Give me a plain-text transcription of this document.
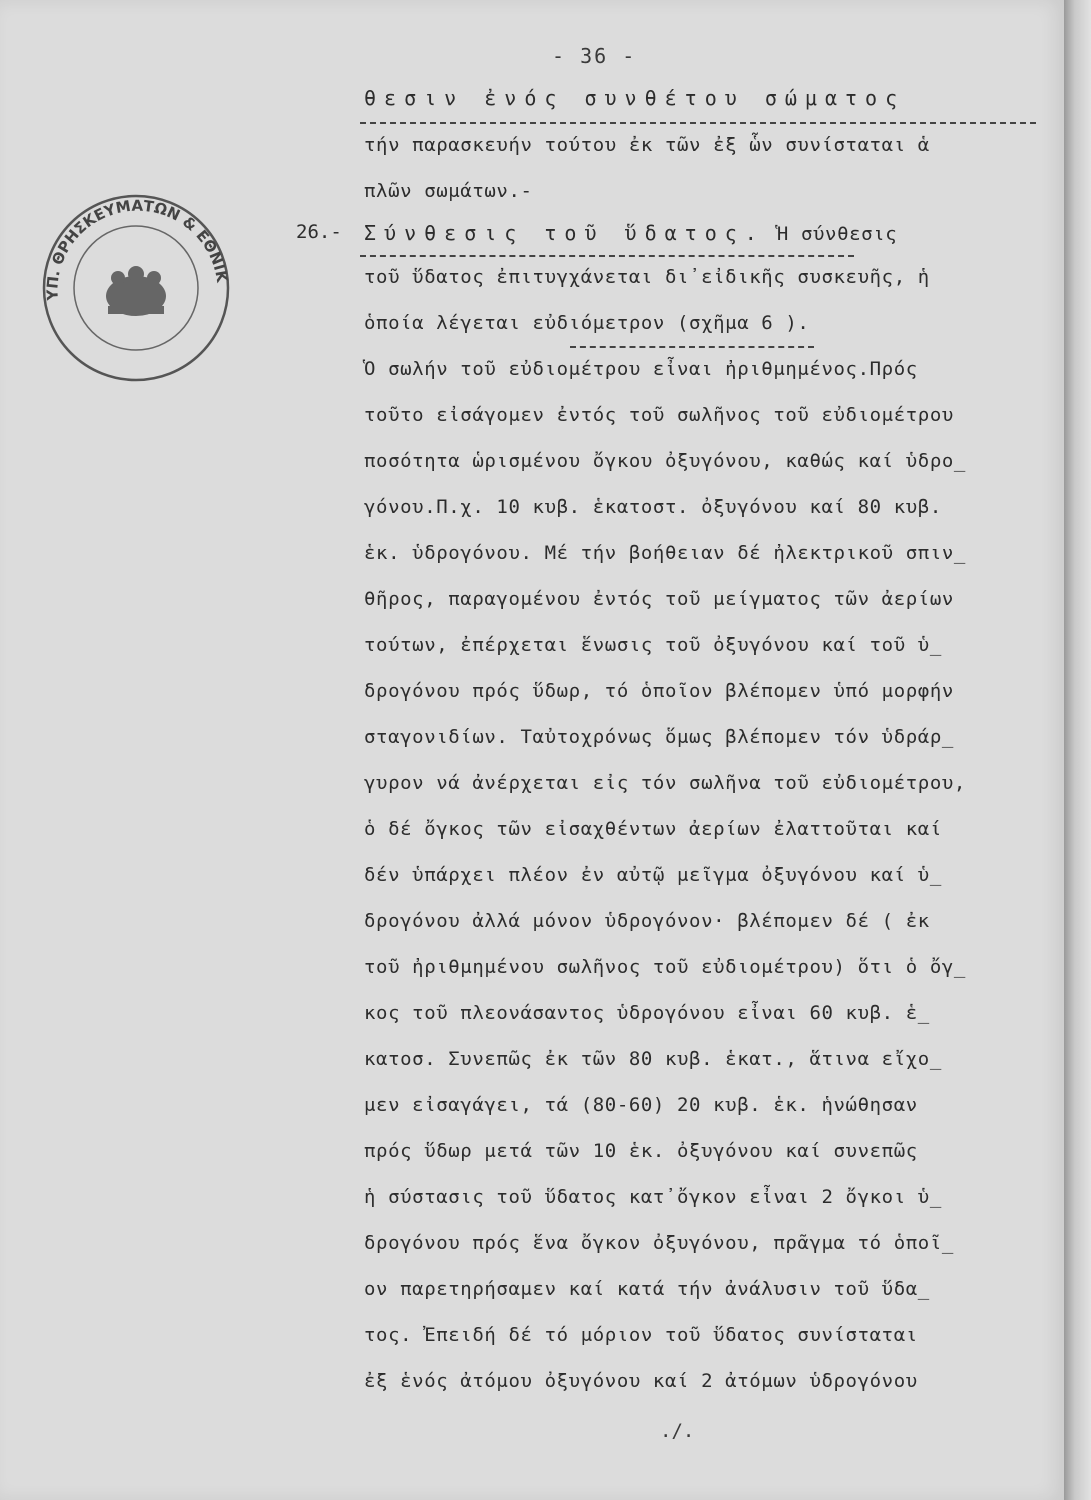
- 36 -
ΥΠ. ΘΡΗΣΚΕΥΜΑΤΩΝ & ΕΘΝΙΚ
26.-
θεσιν ἐνός συνθέτου σώματος
τήν παρασκευήν τούτου ἐκ τῶν ἐξ ὧν συνίσταται ἁ
πλῶν σωμάτων.-
Σύνθεσις τοῦ ὕδατος. Ἡ σύνθεσις
τοῦ ὕδατος ἐπιτυγχάνεται δι᾽εἰδικῆς συσκευῆς, ἡ
ὁποία λέγεται εὐδιόμετρον (σχῆμα 6 ).
Ὁ σωλήν τοῦ εὐδιομέτρου εἶναι ἠριθμημένος.Πρός
τοῦτο εἰσάγομεν ἐντός τοῦ σωλῆνος τοῦ εὐδιομέτρου
ποσότητα ὡρισμένου ὄγκου ὀξυγόνου, καθώς καί ὑδρο_
γόνου.Π.χ. 10 κυβ. ἑκατοστ. ὀξυγόνου καί 80 κυβ.
ἑκ. ὑδρογόνου. Μέ τήν βοήθειαν δέ ἠλεκτρικοῦ σπιν_
θῆρος, παραγομένου ἐντός τοῦ μείγματος τῶν ἀερίων
τούτων, ἐπέρχεται ἕνωσις τοῦ ὀξυγόνου καί τοῦ ὑ_
δρογόνου πρός ὕδωρ, τό ὁποῖον βλέπομεν ὑπό μορφήν
σταγονιδίων. Ταὐτοχρόνως ὅμως βλέπομεν τόν ὑδράρ_
γυρον νά ἀνέρχεται εἰς τόν σωλῆνα τοῦ εὐδιομέτρου,
ὁ δέ ὄγκος τῶν εἰσαχθέντων ἀερίων ἐλαττοῦται καί
δέν ὑπάρχει πλέον ἐν αὐτῷ μεῖγμα ὀξυγόνου καί ὑ_
δρογόνου ἀλλά μόνον ὑδρογόνον· βλέπομεν δέ ( ἐκ
τοῦ ἠριθμημένου σωλῆνος τοῦ εὐδιομέτρου) ὅτι ὁ ὄγ_
κος τοῦ πλεονάσαντος ὑδρογόνου εἶναι 60 κυβ. ἑ_
κατοσ. Συνεπῶς ἐκ τῶν 80 κυβ. ἑκατ., ἅτινα εἴχο_
μεν εἰσαγάγει, τά (80-60) 20 κυβ. ἑκ. ἡνώθησαν
πρός ὕδωρ μετά τῶν 10 ἑκ. ὀξυγόνου καί συνεπῶς
ἡ σύστασις τοῦ ὕδατος κατ᾽ὄγκον εἶναι 2 ὄγκοι ὑ_
δρογόνου πρός ἕνα ὄγκον ὀξυγόνου, πρᾶγμα τό ὁποῖ_
ον παρετηρήσαμεν καί κατά τήν ἀνάλυσιν τοῦ ὕδα_
τος. Ἐπειδή δέ τό μόριον τοῦ ὕδατος συνίσταται
ἐξ ἑνός ἀτόμου ὀξυγόνου καί 2 ἀτόμων ὑδρογόνου
./.
